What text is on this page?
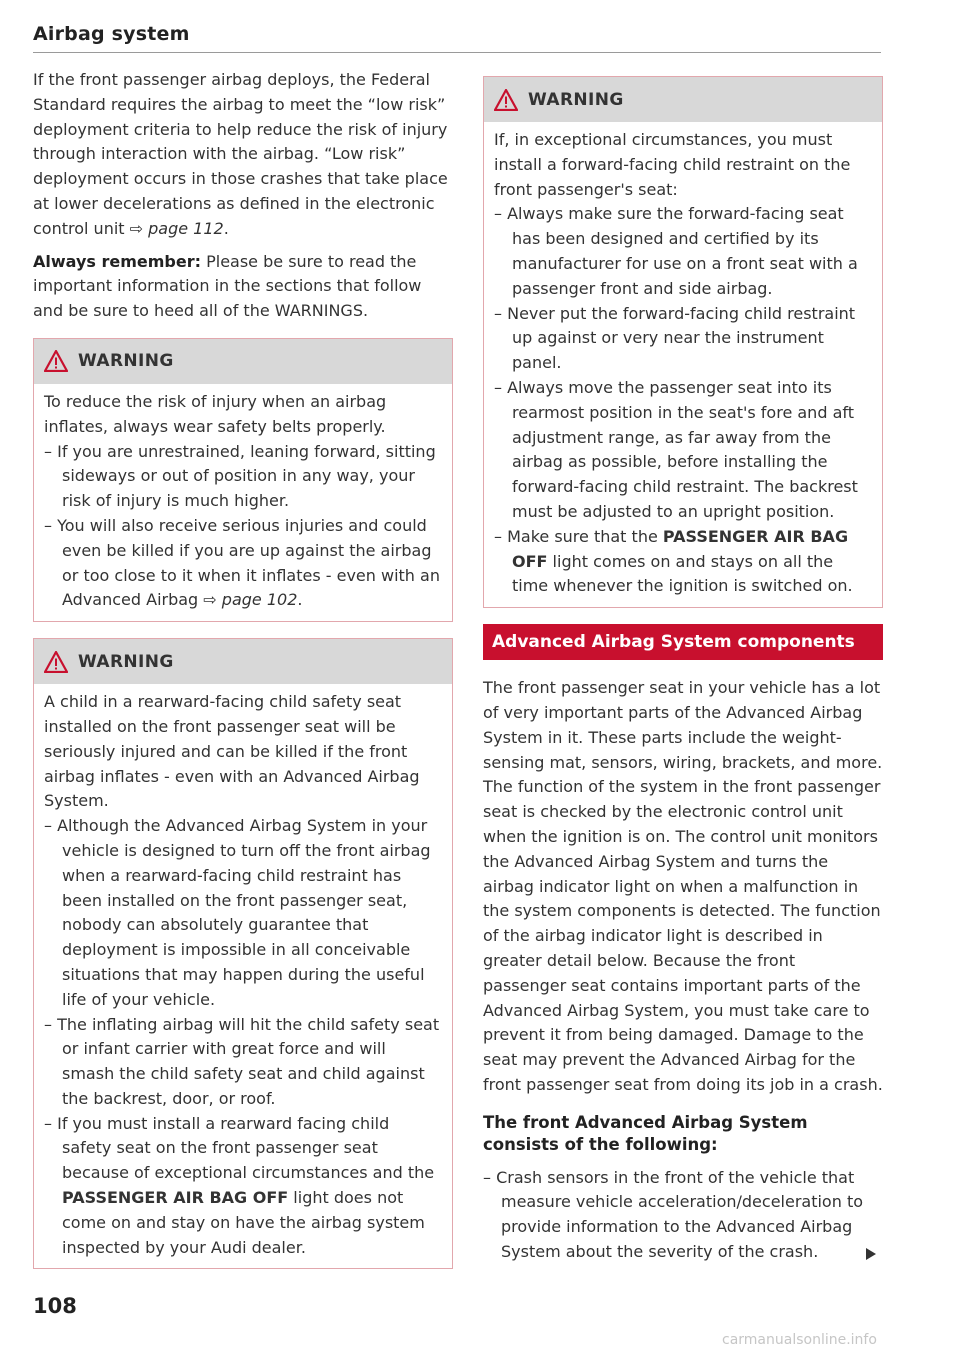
Airbag system

If the front passenger airbag deploys, the Federal Standard requires the airbag to meet the “low risk” deployment criteria to help reduce the risk of injury through interaction with the airbag. “Low risk” deployment occurs in those crashes that take place at lower decelerations as defined in the electronic control unit ⇨ page 112.

Always remember: Please be sure to read the important information in the sections that follow and be sure to heed all of the WARNINGS.

WARNING

To reduce the risk of injury when an airbag inflates, always wear safety belts properly.

– If you are unrestrained, leaning forward, sitting sideways or out of position in any way, your risk of injury is much higher.
– You will also receive serious injuries and could even be killed if you are up against the airbag or too close to it when it inflates - even with an Advanced Airbag ⇨ page 102.
WARNING

A child in a rearward-facing child safety seat installed on the front passenger seat will be seriously injured and can be killed if the front airbag inflates - even with an Advanced Airbag System.

– Although the Advanced Airbag System in your vehicle is designed to turn off the front airbag when a rearward-facing child restraint has been installed on the front passenger seat, nobody can absolutely guarantee that deployment is impossible in all conceivable situations that may happen during the useful life of your vehicle.
– The inflating airbag will hit the child safety seat or infant carrier with great force and will smash the child safety seat and child against the backrest, door, or roof.
– If you must install a rearward facing child safety seat on the front passenger seat because of exceptional circumstances and the PASSENGER AIR BAG OFF light does not come on and stay on have the airbag system inspected by your Audi dealer.
WARNING

If, in exceptional circumstances, you must install a forward-facing child restraint on the front passenger's seat:

– Always make sure the forward-facing seat has been designed and certified by its manufacturer for use on a front seat with a passenger front and side airbag.
– Never put the forward-facing child restraint up against or very near the instrument panel.
– Always move the passenger seat into its rearmost position in the seat's fore and aft adjustment range, as far away from the airbag as possible, before installing the forward-facing child restraint. The backrest must be adjusted to an upright position.
– Make sure that the PASSENGER AIR BAG OFF light comes on and stays on all the time whenever the ignition is switched on.
Advanced Airbag System components

The front passenger seat in your vehicle has a lot of very important parts of the Advanced Airbag System in it. These parts include the weight-sensing mat, sensors, wiring, brackets, and more. The function of the system in the front passenger seat is checked by the electronic control unit when the ignition is on. The control unit monitors the Advanced Airbag System and turns the airbag indicator light on when a malfunction in the system components is detected. The function of the airbag indicator light is described in greater detail below. Because the front passenger seat contains important parts of the Advanced Airbag System, you must take care to prevent it from being damaged. Damage to the seat may prevent the Advanced Airbag for the front passenger seat from doing its job in a crash.

The front Advanced Airbag System consists of the following:
– Crash sensors in the front of the vehicle that measure vehicle acceleration/deceleration to provide information to the Advanced Airbag System about the severity of the crash.
108
carmanualsonline.info
